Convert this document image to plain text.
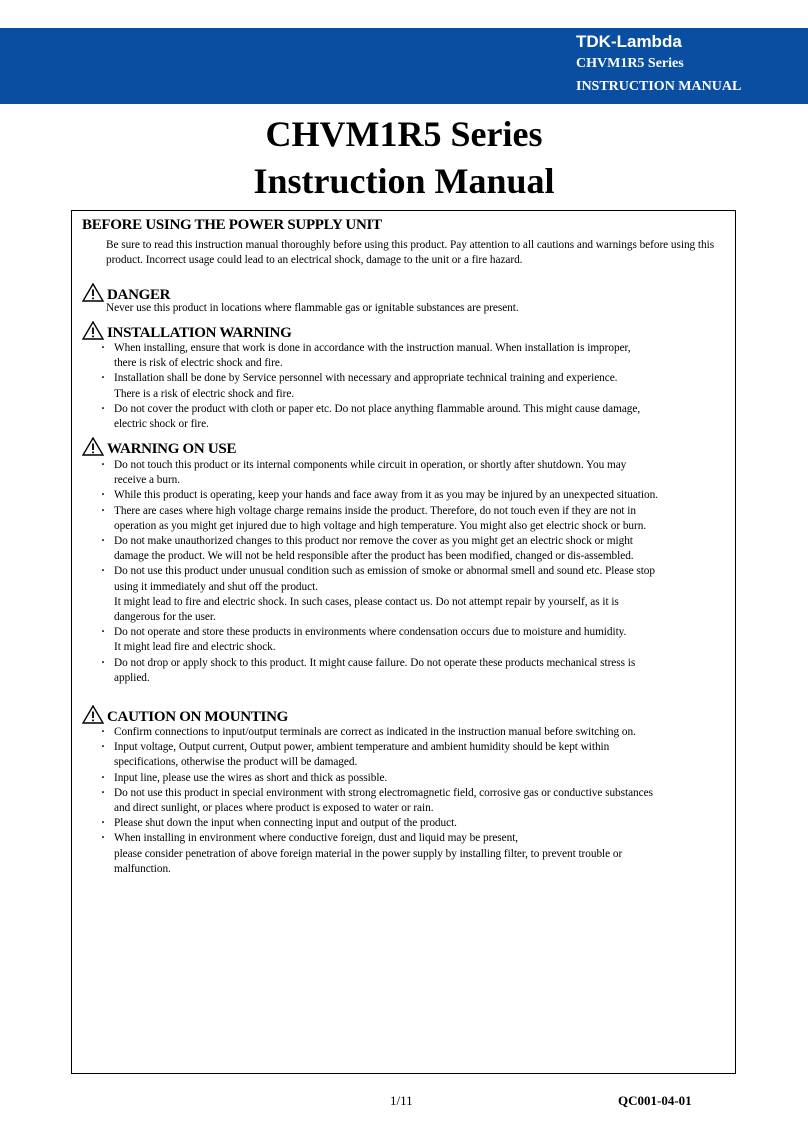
TDK-Lambda
CHVM1R5 Series
INSTRUCTION MANUAL
CHVM1R5 Series
Instruction Manual
BEFORE USING THE POWER SUPPLY UNIT
Be sure to read this instruction manual thoroughly before using this product. Pay attention to all cautions and warnings before using this product. Incorrect usage could lead to an electrical shock, damage to the unit or a fire hazard.
DANGER
Never use this product in locations where flammable gas or ignitable substances are present.
INSTALLATION WARNING
・ When installing, ensure that work is done in accordance with the instruction manual. When installation is improper,
there is risk of electric shock and fire.
・ Installation shall be done by Service personnel with necessary and appropriate technical training and experience.
There is a risk of electric shock and fire.
・ Do not cover the product with cloth or paper etc. Do not place anything flammable around. This might cause damage,
electric shock or fire.
WARNING ON USE
・ Do not touch this product or its internal components while circuit in operation, or shortly after shutdown. You may
receive a burn.
・ While this product is operating, keep your hands and face away from it as you may be injured by an unexpected situation.
・ There are cases where high voltage charge remains inside the product. Therefore, do not touch even if they are not in
operation as you might get injured due to high voltage and high temperature. You might also get electric shock or burn.
・ Do not make unauthorized changes to this product nor remove the cover as you might get an electric shock or might
damage the product. We will not be held responsible after the product has been modified, changed or dis-assembled.
・ Do not use this product under unusual condition such as emission of smoke or abnormal smell and sound etc. Please stop
using it immediately and shut off the product.
It might lead to fire and electric shock. In such cases, please contact us. Do not attempt repair by yourself, as it is
dangerous for the user.
・ Do not operate and store these products in environments where condensation occurs due to moisture and humidity.
It might lead fire and electric shock.
・ Do not drop or apply shock to this product. It might cause failure. Do not operate these products mechanical stress is
applied.
CAUTION ON MOUNTING
・ Confirm connections to input/output terminals are correct as indicated in the instruction manual before switching on.
・ Input voltage, Output current, Output power, ambient temperature and ambient humidity should be kept within
specifications, otherwise the product will be damaged.
・ Input line, please use the wires as short and thick as possible.
・ Do not use this product in special environment with strong electromagnetic field, corrosive gas or conductive substances
and direct sunlight, or places where product is exposed to water or rain.
・ Please shut down the input when connecting input and output of the product.
・ When installing in environment where conductive foreign, dust and liquid may be present,
please consider penetration of above foreign material in the power supply by installing filter, to prevent trouble or
malfunction.
1/11	QC001-04-01
